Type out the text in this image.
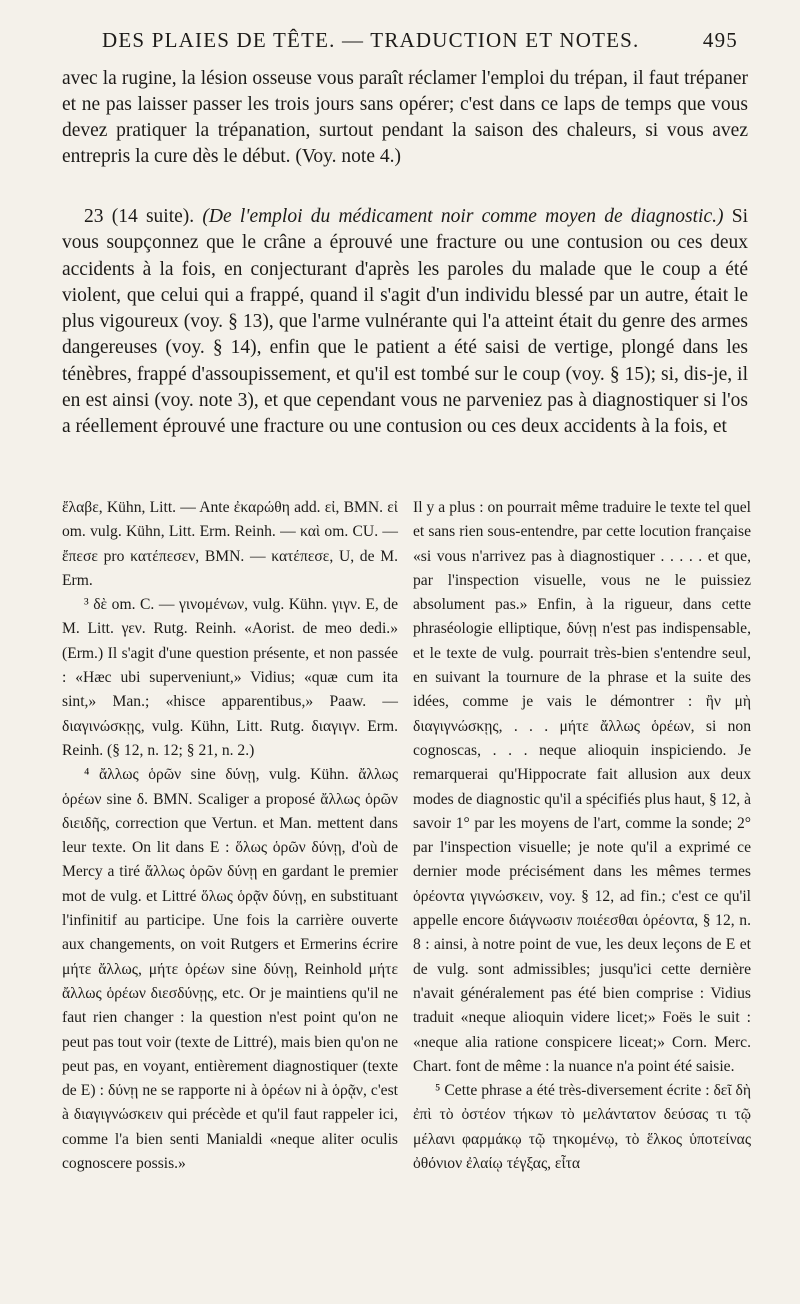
DES PLAIES DE TÊTE. — TRADUCTION ET NOTES.	495

avec la rugine, la lésion osseuse vous paraît réclamer l'emploi du trépan, il faut trépaner et ne pas laisser passer les trois jours sans opérer; c'est dans ce laps de temps que vous devez pratiquer la trépanation, surtout pendant la saison des chaleurs, si vous avez entrepris la cure dès le début. (Voy. note 4.)

23 (14 suite). (De l'emploi du médicament noir comme moyen de diagnostic.) Si vous soupçonnez que le crâne a éprouvé une fracture ou une contusion ou ces deux accidents à la fois, en conjecturant d'après les paroles du malade que le coup a été violent, que celui qui a frappé, quand il s'agit d'un individu blessé par un autre, était le plus vigoureux (voy. § 13), que l'arme vulnérante qui l'a atteint était du genre des armes dangereuses (voy. § 14), enfin que le patient a été saisi de vertige, plongé dans les ténèbres, frappé d'assoupissement, et qu'il est tombé sur le coup (voy. § 15); si, dis-je, il en est ainsi (voy. note 3), et que cependant vous ne parveniez pas à diagnostiquer si l'os a réellement éprouvé une fracture ou une contusion ou ces deux accidents à la fois, et

ἔλαβε, Kühn, Litt. — Ante ἐκαρώθη add. εἰ, BMN. εἰ om. vulg. Kühn, Litt. Erm. Reinh. — καὶ om. CU. — ἔπεσε pro κατέπεσεν, BMN. — κατέπεσε, U, de M. Erm.

³ δὲ om. C. — γινομένων, vulg. Kühn. γιγν. E, de M. Litt. γεν. Rutg. Reinh. «Aorist. de meo dedi.» (Erm.) Il s'agit d'une question présente, et non passée : «Hæc ubi superveniunt,» Vidius; «quæ cum ita sint,» Man.; «hisce apparentibus,» Paaw. — διαγινώσκῃς, vulg. Kühn, Litt. Rutg. διαγιγν. Erm. Reinh. (§ 12, n. 12; § 21, n. 2.)

⁴ ἄλλως ὁρῶν sine δύνῃ, vulg. Kühn. ἄλλως ὁρέων sine δ. BMN. Scaliger a proposé ἄλλως ὁρῶν διειδῆς, correction que Vertun. et Man. mettent dans leur texte. On lit dans E : ὅλως ὁρῶν δύνῃ, d'où de Mercy a tiré ἄλλως ὁρῶν δύνῃ en gardant le premier mot de vulg. et Littré ὅλως ὁρᾷν δύνῃ, en substituant l'infinitif au participe. Une fois la carrière ouverte aux changements, on voit Rutgers et Ermerins écrire μήτε ἄλλως, μήτε ὁρέων sine δύνῃ, Reinhold μήτε ἄλλως ὁρέων διεσδύνῃς, etc. Or je maintiens qu'il ne faut rien changer : la question n'est point qu'on ne peut pas tout voir (texte de Littré), mais bien qu'on ne peut pas, en voyant, entièrement diagnostiquer (texte de E) : δύνῃ ne se rapporte ni à ὁρέων ni à ὁρᾷν, c'est à διαγιγνώσκειν qui précède et qu'il faut rappeler ici, comme l'a bien senti Manialdi «neque aliter oculis cognoscere possis.»

Il y a plus : on pourrait même traduire le texte tel quel et sans rien sous-entendre, par cette locution française «si vous n'arrivez pas à diagnostiquer . . . . . et que, par l'inspection visuelle, vous ne le puissiez absolument pas.» Enfin, à la rigueur, dans cette phraséologie elliptique, δύνῃ n'est pas indispensable, et le texte de vulg. pourrait très-bien s'entendre seul, en suivant la tournure de la phrase et la suite des idées, comme je vais le démontrer : ἢν μὴ διαγιγνώσκῃς, . . . μήτε ἄλλως ὁρέων, si non cognoscas, . . . neque alioquin inspiciendo. Je remarquerai qu'Hippocrate fait allusion aux deux modes de diagnostic qu'il a spécifiés plus haut, § 12, à savoir 1° par les moyens de l'art, comme la sonde; 2° par l'inspection visuelle; je note qu'il a exprimé ce dernier mode précisément dans les mêmes termes ὁρέοντα γιγνώσκειν, voy. § 12, ad fin.; c'est ce qu'il appelle encore διάγνωσιν ποιέεσθαι ὁρέοντα, § 12, n. 8 : ainsi, à notre point de vue, les deux leçons de E et de vulg. sont admissibles; jusqu'ici cette dernière n'avait généralement pas été bien comprise : Vidius traduit «neque alioquin videre licet;» Foës le suit : «neque alia ratione conspicere liceat;» Corn. Merc. Chart. font de même : la nuance n'a point été saisie.

⁵ Cette phrase a été très-diversement écrite : δεῖ δὴ ἐπὶ τὸ ὀστέον τήκων τὸ μελάντατον δεύσας τι τῷ μέλανι φαρμάκῳ τῷ τηκομένῳ, τὸ ἕλκος ὑποτείνας ὀθόνιον ἐλαίῳ τέγξας, εἶτα
